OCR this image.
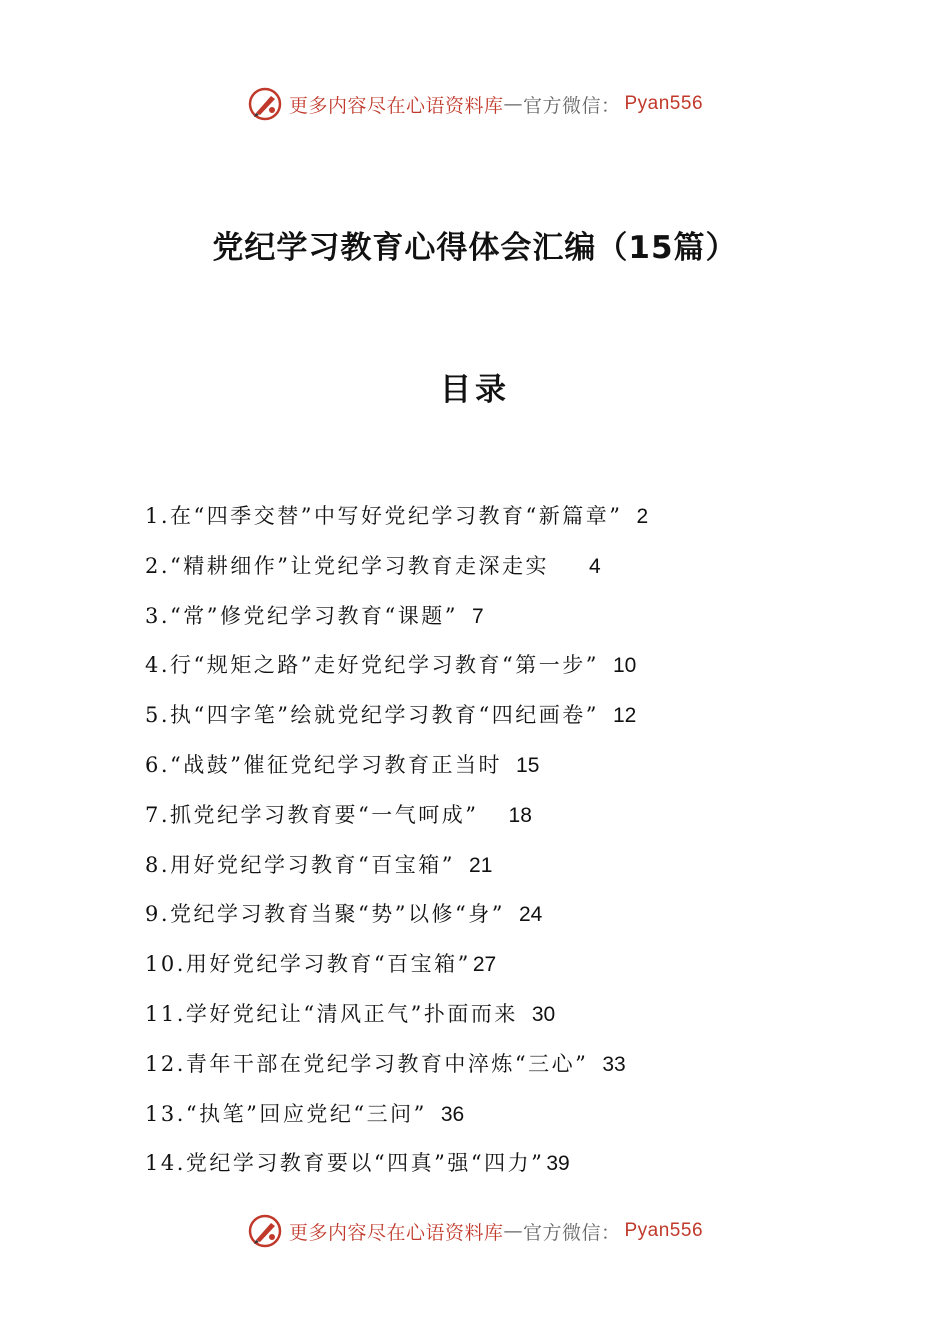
更多内容尽在心语资料库 — 官方微信： Pyan556
党纪学习教育心得体会汇编（15篇）
目录
1.在“四季交替”中写好党纪学习教育“新篇章” 2
2.“精耕细作”让党纪学习教育走深走实 4
3.“常”修党纪学习教育“课题” 7
4.行“规矩之路”走好党纪学习教育“第一步” 10
5.执“四字笔”绘就党纪学习教育“四纪画卷” 12
6.“战鼓”催征党纪学习教育正当时 15
7.抓党纪学习教育要“一气呵成” 18
8.用好党纪学习教育“百宝箱” 21
9.党纪学习教育当聚“势”以修“身” 24
10.用好党纪学习教育“百宝箱”27
11.学好党纪让“清风正气”扑面而来 30
12.青年干部在党纪学习教育中淬炼“三心” 33
13.“执笔”回应党纪“三问” 36
14.党纪学习教育要以“四真”强“四力”39
更多内容尽在心语资料库 — 官方微信： Pyan556
